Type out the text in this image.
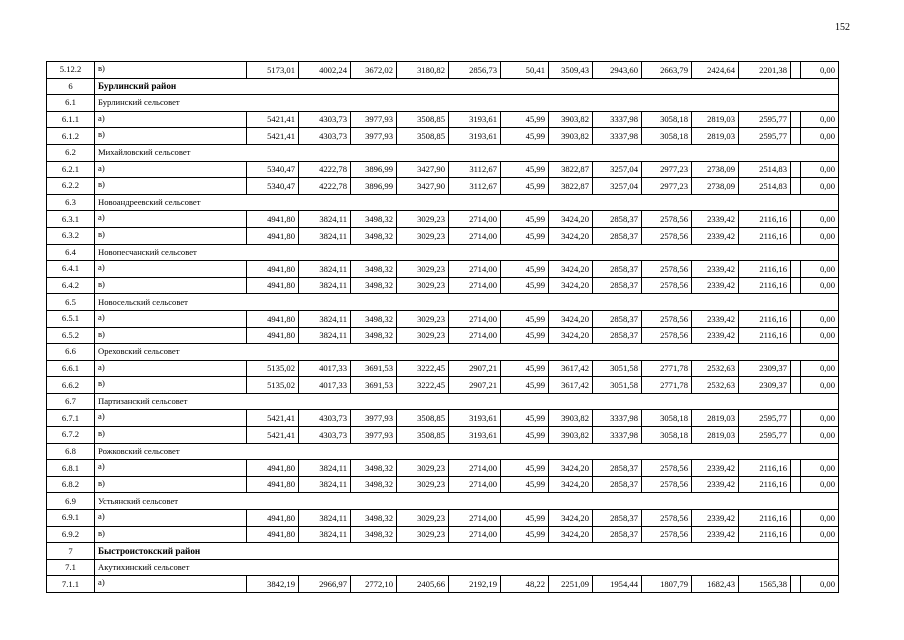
152
5.12.2	в)	5173,01	4002,24	3672,02	3180,82	2856,73	50,41	3509,43	2943,60	2663,79	2424,64	2201,38		0,00
6	Бурлинский район													
6.1	Бурлинский сельсовет													
6.1.1	а)	5421,41	4303,73	3977,93	3508,85	3193,61	45,99	3903,82	3337,98	3058,18	2819,03	2595,77		0,00
6.1.2	в)	5421,41	4303,73	3977,93	3508,85	3193,61	45,99	3903,82	3337,98	3058,18	2819,03	2595,77		0,00
6.2	Михайловский сельсовет													
6.2.1	а)	5340,47	4222,78	3896,99	3427,90	3112,67	45,99	3822,87	3257,04	2977,23	2738,09	2514,83		0,00
6.2.2	в)	5340,47	4222,78	3896,99	3427,90	3112,67	45,99	3822,87	3257,04	2977,23	2738,09	2514,83		0,00
6.3	Новоандреевский сельсовет													
6.3.1	а)	4941,80	3824,11	3498,32	3029,23	2714,00	45,99	3424,20	2858,37	2578,56	2339,42	2116,16		0,00
6.3.2	в)	4941,80	3824,11	3498,32	3029,23	2714,00	45,99	3424,20	2858,37	2578,56	2339,42	2116,16		0,00
6.4	Новопесчанский сельсовет													
6.4.1	а)	4941,80	3824,11	3498,32	3029,23	2714,00	45,99	3424,20	2858,37	2578,56	2339,42	2116,16		0,00
6.4.2	в)	4941,80	3824,11	3498,32	3029,23	2714,00	45,99	3424,20	2858,37	2578,56	2339,42	2116,16		0,00
6.5	Новосельский сельсовет													
6.5.1	а)	4941,80	3824,11	3498,32	3029,23	2714,00	45,99	3424,20	2858,37	2578,56	2339,42	2116,16		0,00
6.5.2	в)	4941,80	3824,11	3498,32	3029,23	2714,00	45,99	3424,20	2858,37	2578,56	2339,42	2116,16		0,00
6.6	Ореховский сельсовет													
6.6.1	а)	5135,02	4017,33	3691,53	3222,45	2907,21	45,99	3617,42	3051,58	2771,78	2532,63	2309,37		0,00
6.6.2	в)	5135,02	4017,33	3691,53	3222,45	2907,21	45,99	3617,42	3051,58	2771,78	2532,63	2309,37		0,00
6.7	Партизанский сельсовет													
6.7.1	а)	5421,41	4303,73	3977,93	3508,85	3193,61	45,99	3903,82	3337,98	3058,18	2819,03	2595,77		0,00
6.7.2	в)	5421,41	4303,73	3977,93	3508,85	3193,61	45,99	3903,82	3337,98	3058,18	2819,03	2595,77		0,00
6.8	Рожковский сельсовет													
6.8.1	а)	4941,80	3824,11	3498,32	3029,23	2714,00	45,99	3424,20	2858,37	2578,56	2339,42	2116,16		0,00
6.8.2	в)	4941,80	3824,11	3498,32	3029,23	2714,00	45,99	3424,20	2858,37	2578,56	2339,42	2116,16		0,00
6.9	Устьянский сельсовет													
6.9.1	а)	4941,80	3824,11	3498,32	3029,23	2714,00	45,99	3424,20	2858,37	2578,56	2339,42	2116,16		0,00
6.9.2	в)	4941,80	3824,11	3498,32	3029,23	2714,00	45,99	3424,20	2858,37	2578,56	2339,42	2116,16		0,00
7	Быстроистокский район													
7.1	Акутихинский сельсовет													
7.1.1	а)	3842,19	2966,97	2772,10	2405,66	2192,19	48,22	2251,09	1954,44	1807,79	1682,43	1565,38		0,00
